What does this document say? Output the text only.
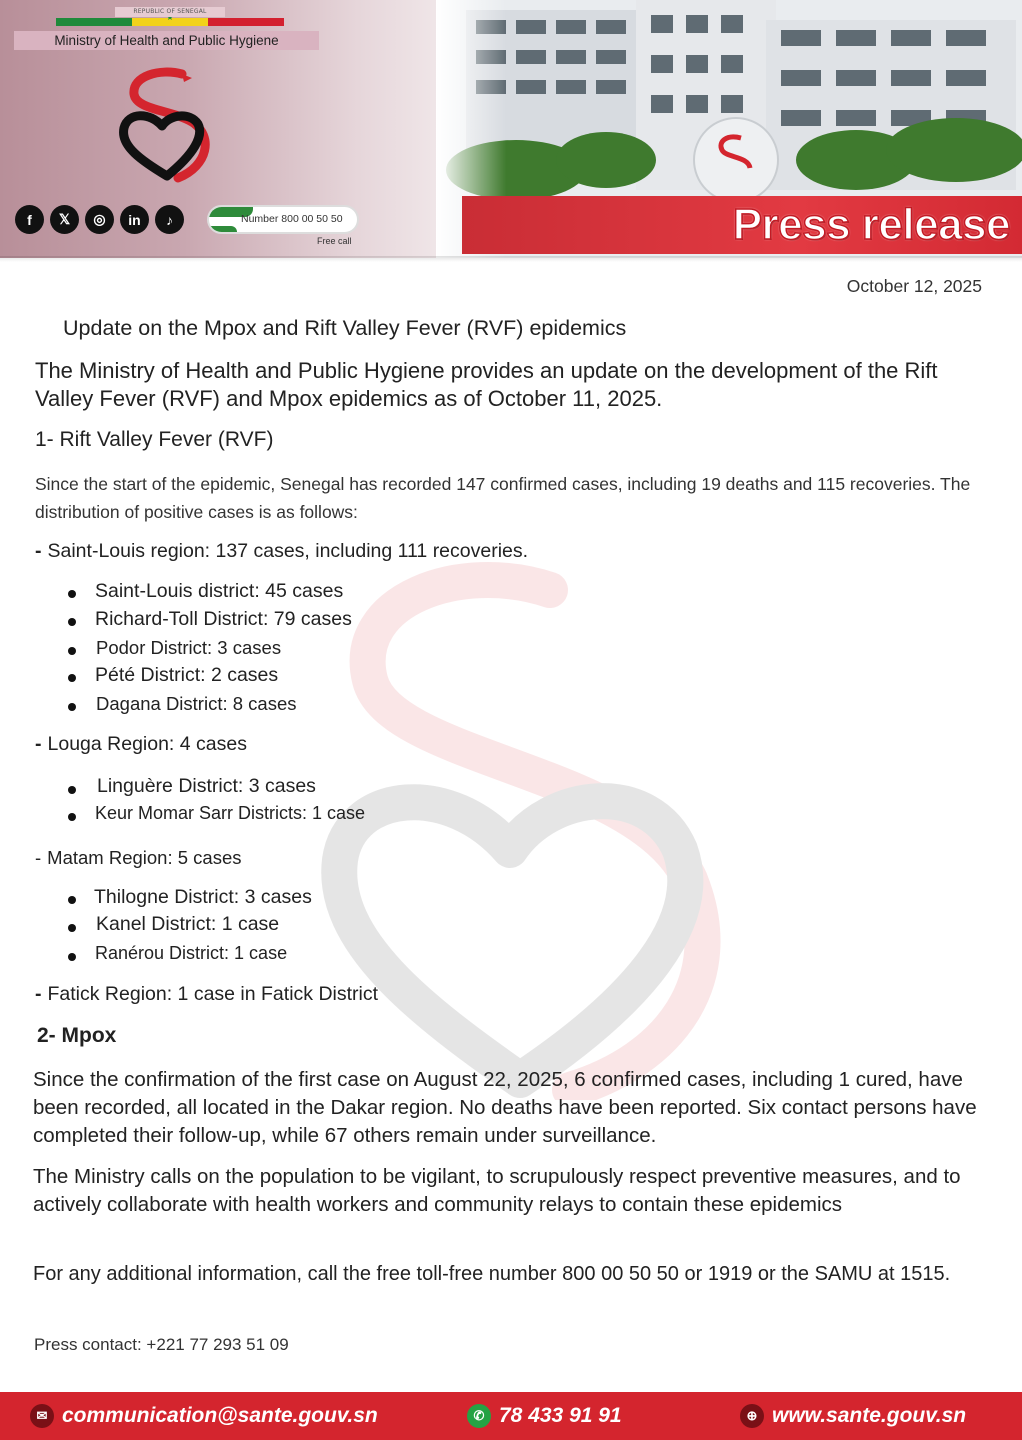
★
REPUBLIC OF SENEGAL
Ministry of Health and Public Hygiene
f	𝕏	◎	in	♪	Number 800 00 50 50
Free call	Press release
October 12, 2025
Update on the Mpox and Rift Valley Fever (RVF) epidemics
The Ministry of Health and Public Hygiene provides an update on the development of the Rift Valley Fever (RVF) and Mpox epidemics as of October 11, 2025.
1- Rift Valley Fever (RVF)
Since the start of the epidemic, Senegal has recorded 147 confirmed cases, including 19 deaths and 115 recoveries. The distribution of positive cases is as follows:
- Saint-Louis region: 137 cases, including 111 recoveries.
Saint-Louis district: 45 cases
Richard-Toll District: 79 cases
Podor District: 3 cases
Pété District: 2 cases
Dagana District: 8 cases
- Louga Region: 4 cases
Linguère District: 3 cases
Keur Momar Sarr Districts: 1 case
- Matam Region: 5 cases
Thilogne District: 3 cases
Kanel District: 1 case
Ranérou District: 1 case
- Fatick Region: 1 case in Fatick District
2- Mpox
Since the confirmation of the first case on August 22, 2025, 6 confirmed cases, including 1 cured, have been recorded, all located in the Dakar region. No deaths have been reported. Six contact persons have completed their follow-up, while 67 others remain under surveillance.
The Ministry calls on the population to be vigilant, to scrupulously respect preventive measures, and to actively collaborate with health workers and community relays to contain these epidemics
For any additional information, call the free toll-free number 800 00 50 50 or 1919 or the SAMU at 1515.
Press contact: +221 77 293 51 09
✉ communication@sante.gouv.sn	✆ 78 433 91 91	⊕ www.sante.gouv.sn
